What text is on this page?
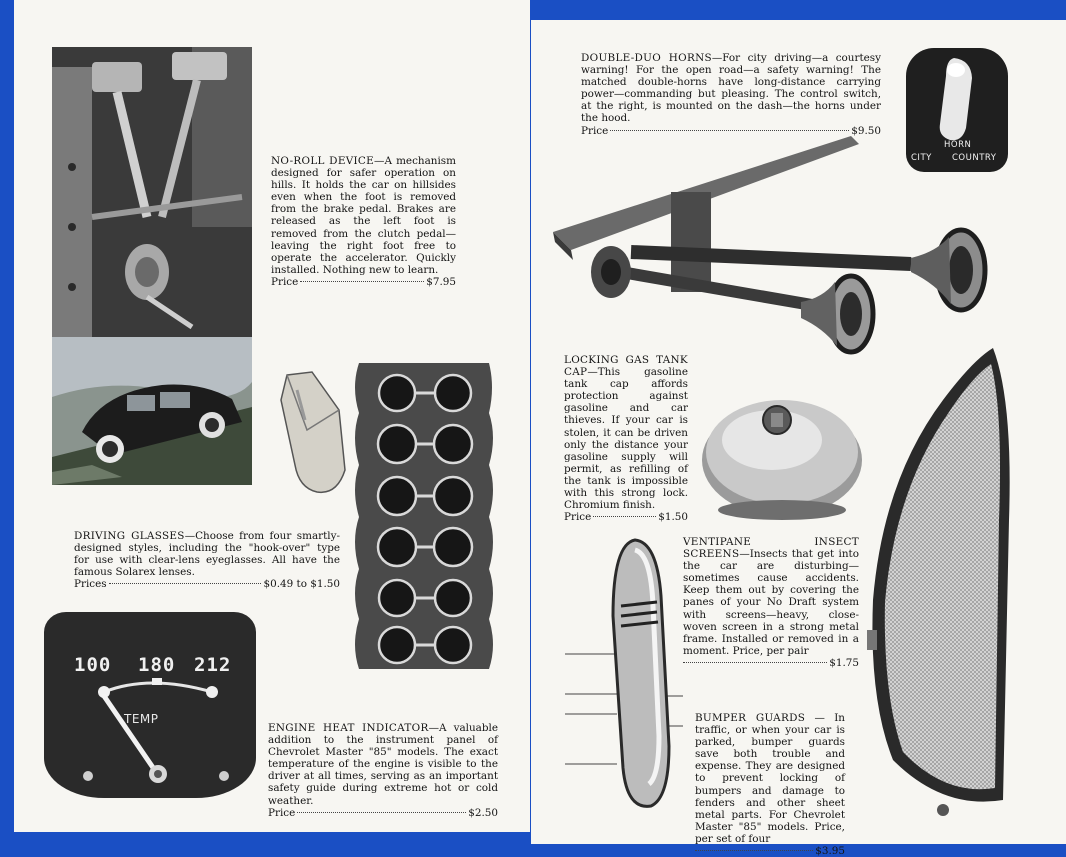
NO-ROLL DEVICE—A mechanism designed for safer operation on hills. It holds the car on hillsides even when the foot is removed from the brake pedal. Brakes are released as the left foot is removed from the clutch pedal—leaving the right foot free to operate the accelerator. Quickly installed. Nothing new to learn.
Price	$7.95
DRIVING GLASSES—Choose from four smartly-designed styles, including the "hook-over" type for use with clear-lens eyeglasses. All have the famous Solarex lenses.
Prices	$0.49 to $1.50
100 180 212
TEMP
ENGINE HEAT INDICATOR—A valuable addition to the instrument panel of Chevrolet Master "85" models. The exact temperature of the engine is visible to the driver at all times, serving as an important safety guide during extreme hot or cold weather.
Price	$2.50
DOUBLE-DUO HORNS—For city driving—a courtesy warning! For the open road—a safety warning! The matched double-horns have long-distance carrying power—commanding but pleasing. The control switch, at the right, is mounted on the dash—the horns under the hood.
Price	$9.50
HORN
CITY COUNTRY
LOCKING GAS TANK CAP—This gasoline tank cap affords protection against gasoline and car thieves. If your car is stolen, it can be driven only the distance your gasoline supply will permit, as refilling of the tank is impossible with this strong lock. Chromium finish.
Price	$1.50
VENTIPANE INSECT SCREENS—Insects that get into the car are disturbing—sometimes cause accidents. Keep them out by covering the panes of your No Draft system with screens—heavy, close-woven screen in a strong metal frame. Installed or removed in a moment. Price, per pair
$1.75
BUMPER GUARDS — In traffic, or when your car is parked, bumper guards save both trouble and expense. They are designed to prevent locking of bumpers and damage to fenders and other sheet metal parts. For Chevrolet Master "85" models. Price, per set of four
$3.95
